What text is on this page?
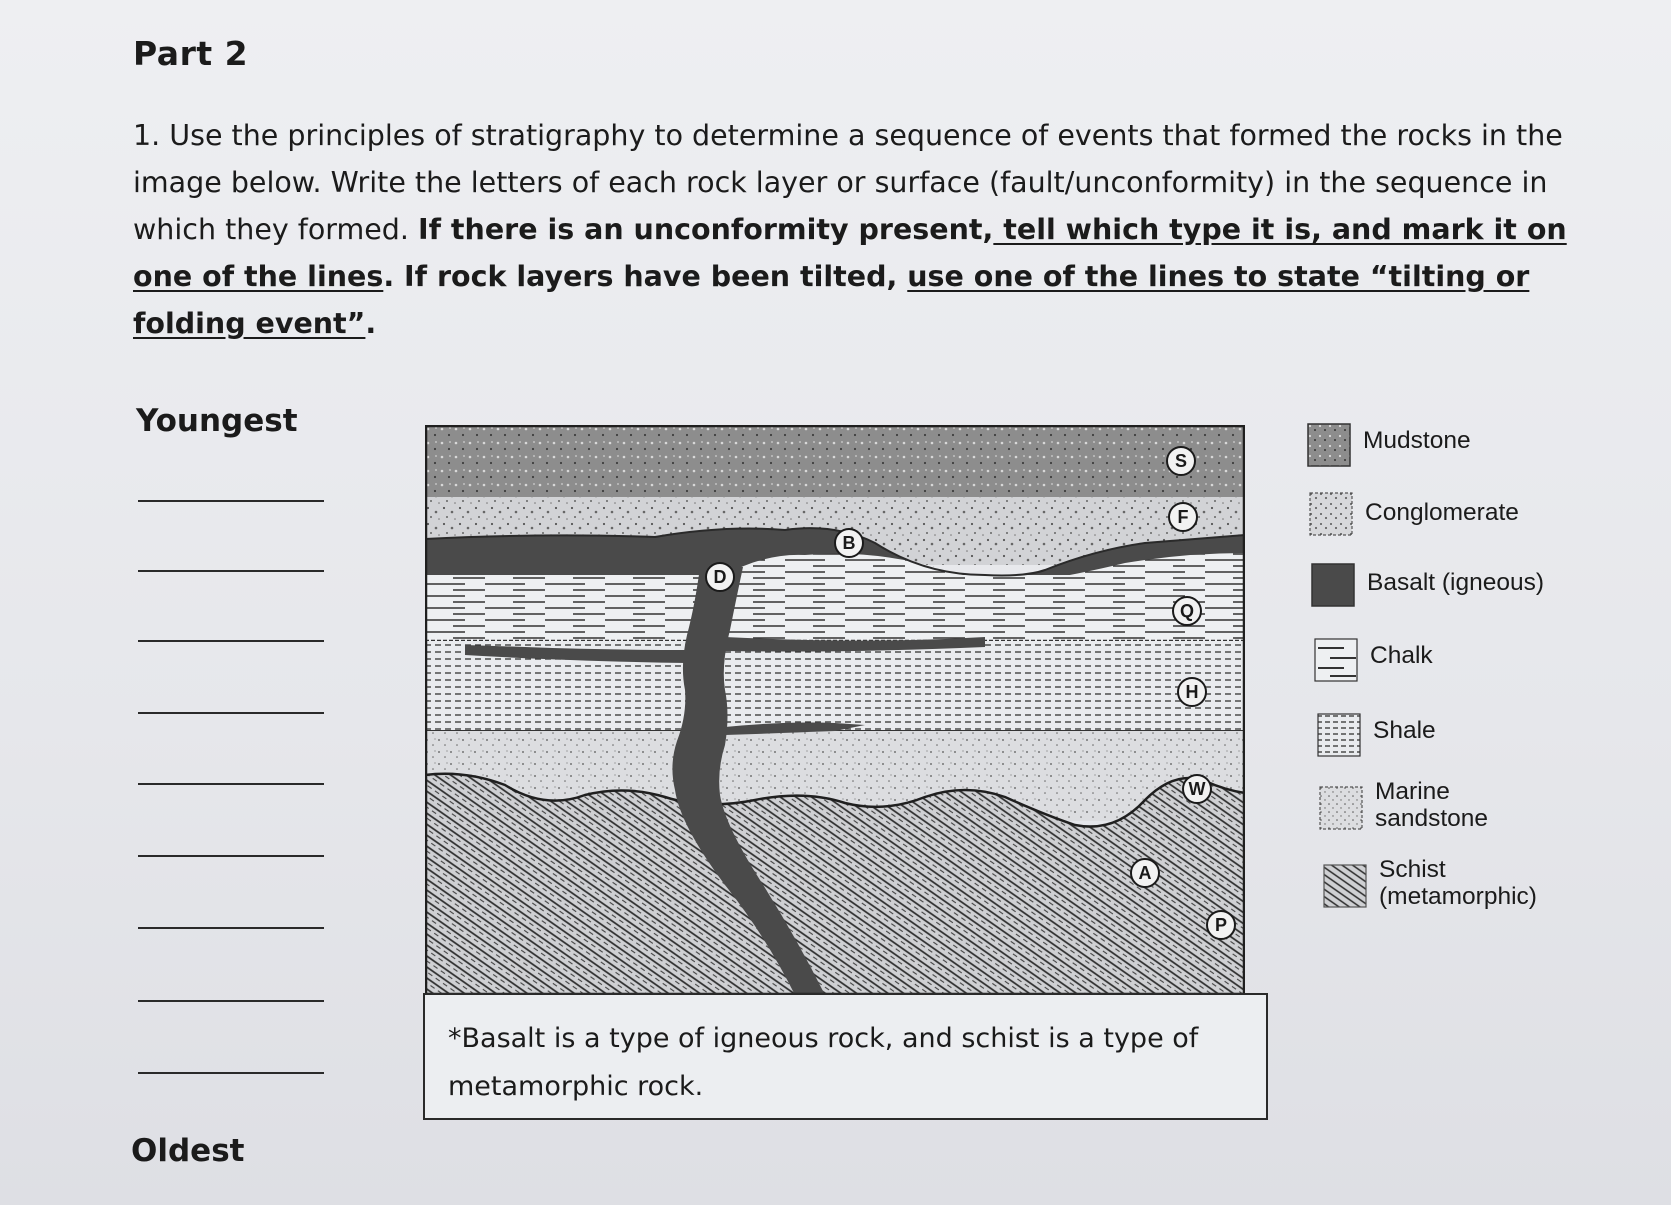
Part 2
1. Use the principles of stratigraphy to determine a sequence of events that formed the rocks in the image below. Write the letters of each rock layer or surface (fault/unconformity) in the sequence in which they formed. If there is an unconformity present, tell which type it is, and mark it on one of the lines. If rock layers have been tilted, use one of the lines to state “tilting or folding event”.
Youngest
Oldest
S
F
B
D
Q
H
W
A
P
*Basalt is a type of igneous rock, and schist is a type of metamorphic rock.
Mudstone
Conglomerate
Basalt (igneous)
Chalk
Shale
Marine sandstone
Schist (metamorphic)
